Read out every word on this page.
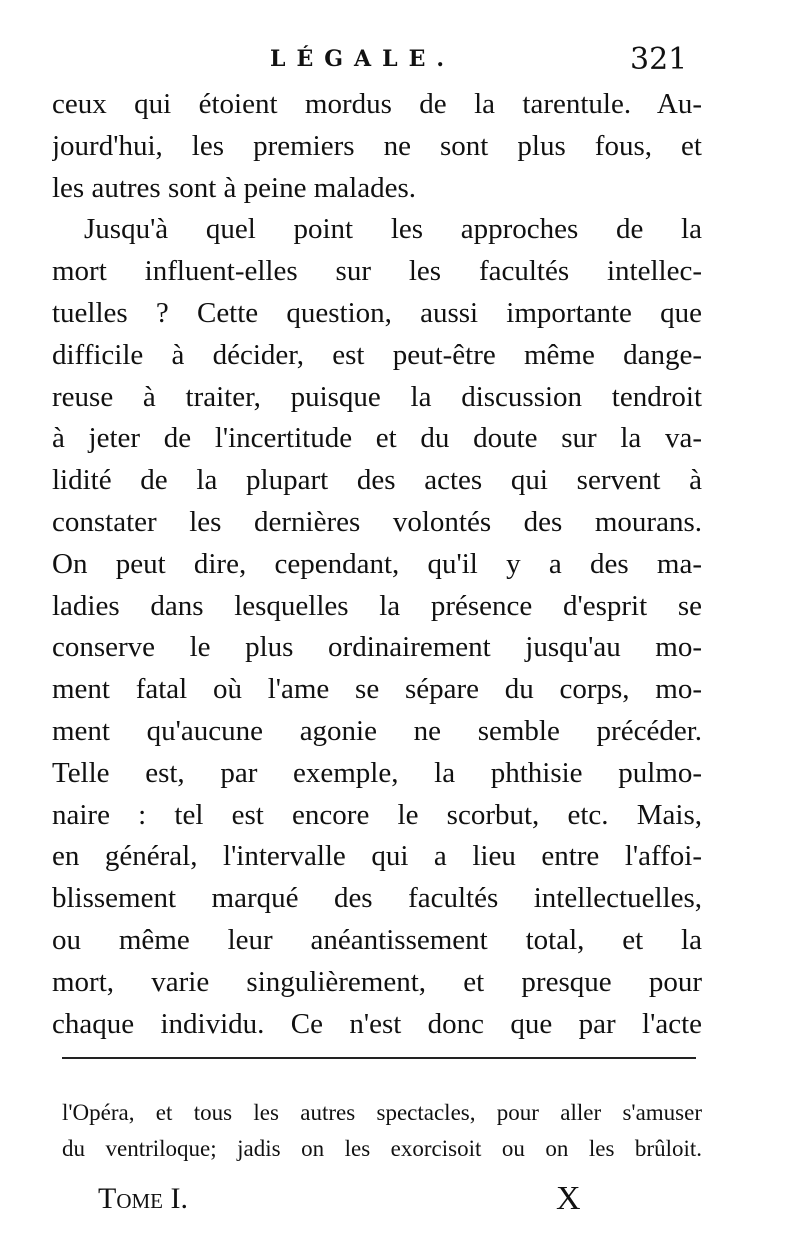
LÉGALE.	321
ceux qui étoient mordus de la tarentule. Au-
jourd'hui, les premiers ne sont plus fous, et
les autres sont à peine malades.
Jusqu'à quel point les approches de la
mort influent-elles sur les facultés intellec-
tuelles ? Cette question, aussi importante que
difficile à décider, est peut-être même dange-
reuse à traiter, puisque la discussion tendroit
à jeter de l'incertitude et du doute sur la va-
lidité de la plupart des actes qui servent à
constater les dernières volontés des mourans.
On peut dire, cependant, qu'il y a des ma-
ladies dans lesquelles la présence d'esprit se
conserve le plus ordinairement jusqu'au mo-
ment fatal où l'ame se sépare du corps, mo-
ment qu'aucune agonie ne semble précéder.
Telle est, par exemple, la phthisie pulmo-
naire : tel est encore le scorbut, etc. Mais,
en général, l'intervalle qui a lieu entre l'affoi-
blissement marqué des facultés intellectuelles,
ou même leur anéantissement total, et la
mort, varie singulièrement, et presque pour
chaque individu. Ce n'est donc que par l'acte
l'Opéra, et tous les autres spectacles, pour aller s'amuser
du ventriloque; jadis on les exorcisoit ou on les brûloit.
Tome I.	X
